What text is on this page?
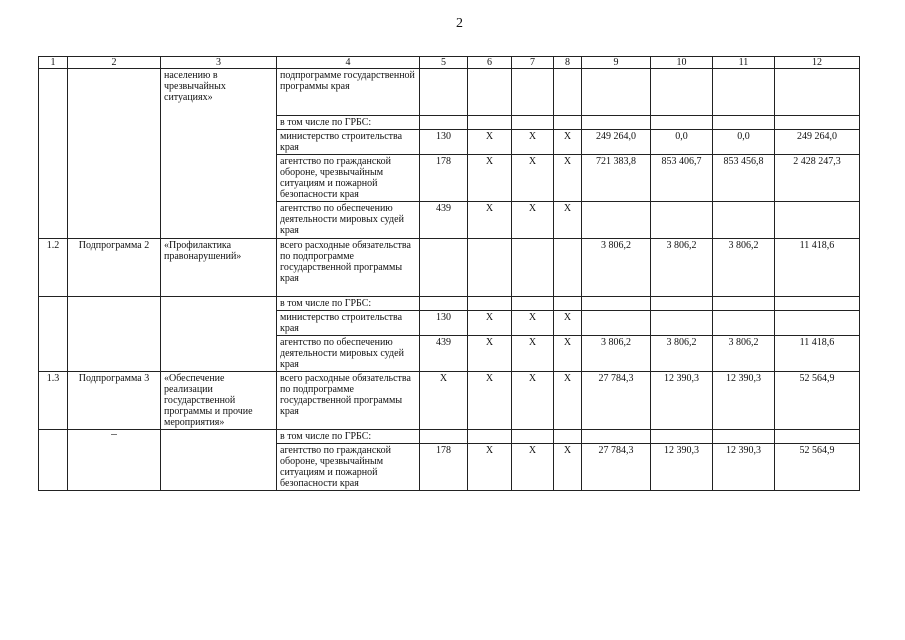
2
1	2	3	4	5	6	7	8	9	10	11	12
		населению в чрезвычайных ситуациях»	подпрограмме государственной программы края								
			в том числе по ГРБС:								
			министерство строительства края	130	Х	Х	Х	249 264,0	0,0	0,0	249 264,0
			агентство по гражданской обороне, чрезвычайным ситуациям и пожарной безопасности края	178	Х	Х	Х	721 383,8	853 406,7	853 456,8	2 428 247,3
			агентство по обеспечению деятельности мировых судей края	439	Х	Х	Х				
1.2	Подпрограмма 2	«Профилактика правонарушений»	всего расходные обязательства по подпрограмме государственной программы края					3 806,2	3 806,2	3 806,2	11 418,6
			в том числе по ГРБС:								
			министерство строительства края	130	Х	Х	Х				
			агентство по обеспечению деятельности мировых судей края	439	Х	Х	Х	3 806,2	3 806,2	3 806,2	11 418,6
1.3	Подпрограмма 3	«Обеспечение реализации государственной программы и прочие мероприятия»	всего расходные обязательства по подпрограмме государственной программы края	Х	Х	Х	Х	27 784,3	12 390,3	12 390,3	52 564,9
			в том числе по ГРБС:								
			агентство по гражданской обороне, чрезвычайным ситуациям и пожарной безопасности края	178	Х	Х	Х	27 784,3	12 390,3	12 390,3	52 564,9
